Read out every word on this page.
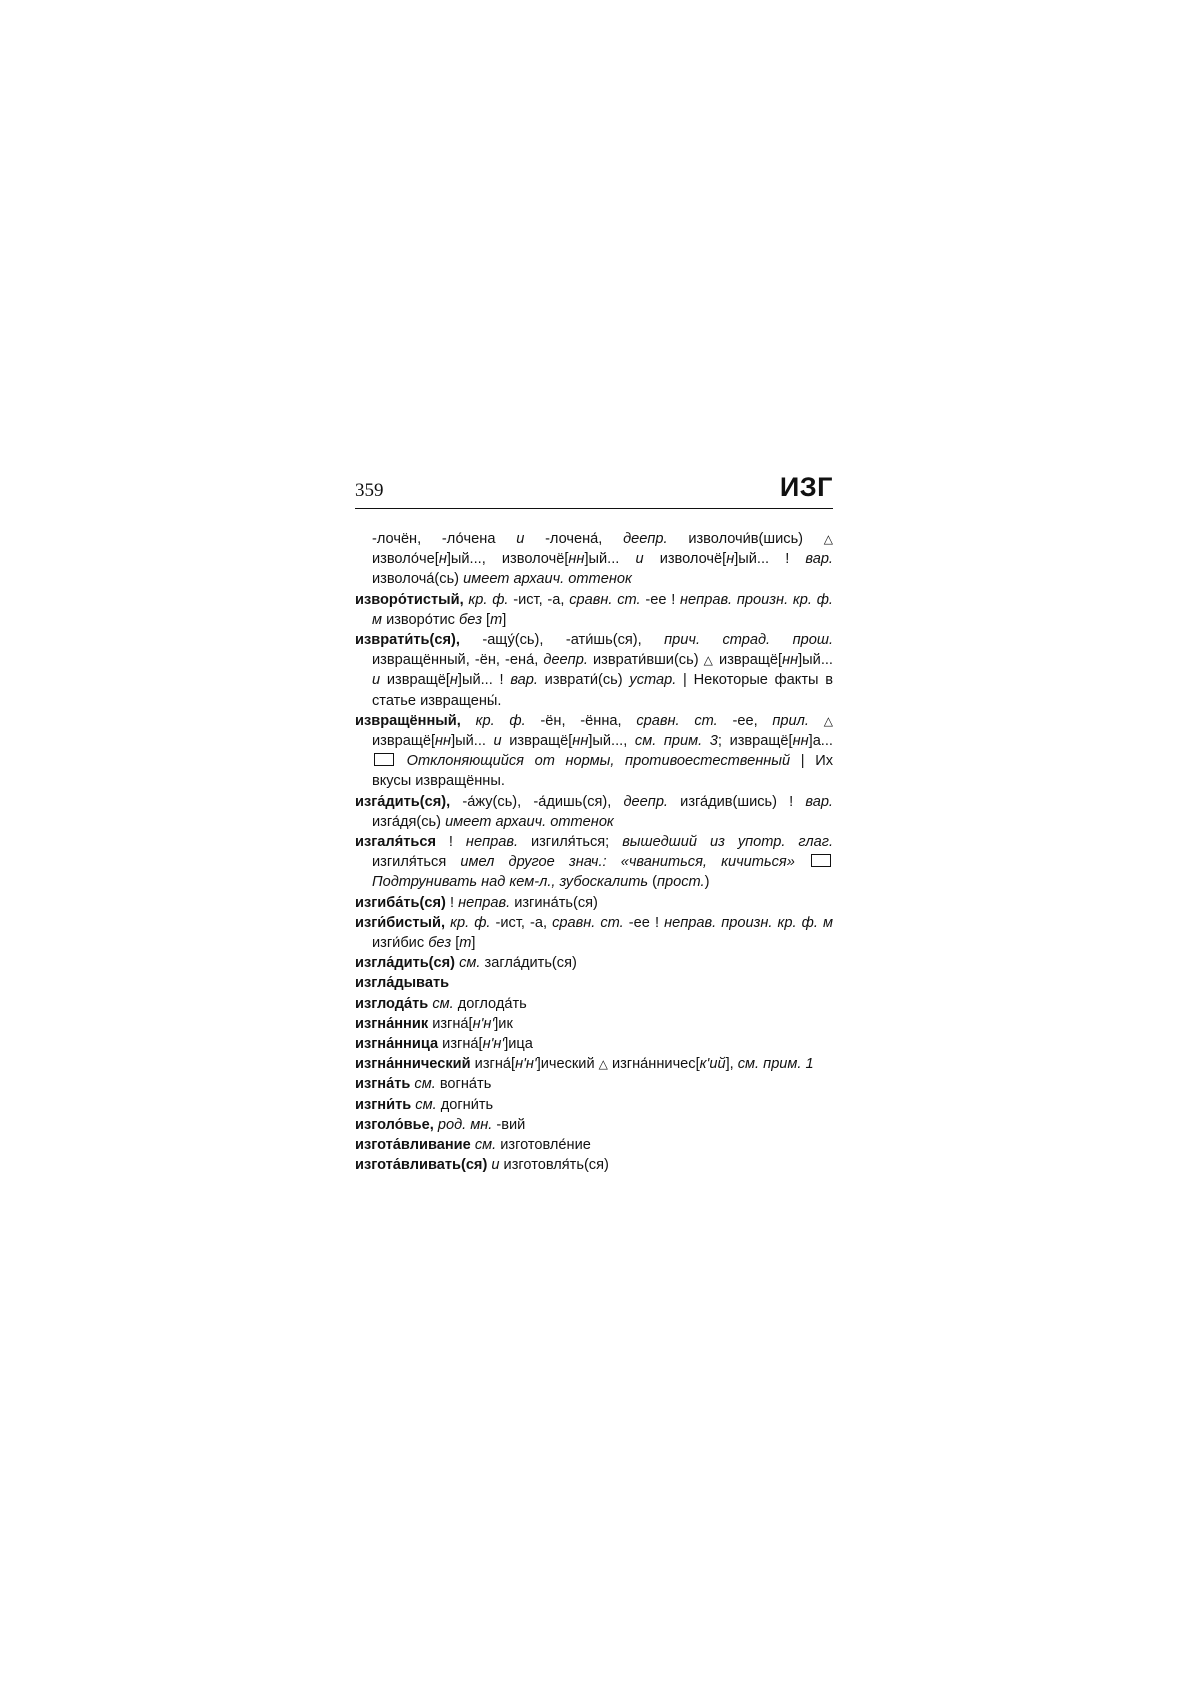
359	ИЗГ
-лочён, -ло́чена и -лочена́, деепр. изволочи́в(шись) △ изволо́че[н]ый..., изволочё[нн]ый... и изволочё[н]ый... ! вар. изволоча́(сь) имеет архаич. оттенок
изворо́тистый, кр. ф. -ист, -а, сравн. ст. -ее ! неправ. произн. кр. ф. м изворо́тис без [т]
изврати́ть(ся), -ащу́(сь), -ати́шь(ся), прич. страд. прош. извращённый, -ён, -ена́, деепр. изврати́вши(сь) △ извращё[нн]ый... и извращё[н]ый... ! вар. изврати́(сь) устар. | Некоторые факты в статье извращены́.
извращённый, кр. ф. -ён, -ённа, сравн. ст. -ее, прил. △ извращё[нн]ый... и извращё[нн]ый..., см. прим. 3; извращё[нн]а...  Отклоняющийся от нормы, противоестественный | Их вкусы извращённы.
изга́дить(ся), -а́жу(сь), -а́дишь(ся), деепр. изга́див(шись) ! вар. изга́дя(сь) имеет архаич. оттенок
изгаля́ться ! неправ. изгиля́ться; вышедший из употр. глаг. изгиля́ться имел другое знач.: «чваниться, кичиться»  Подтрунивать над кем-л., зубоскалить (прост.)
изгиба́ть(ся) ! неправ. изгина́ть(ся)
изги́бистый, кр. ф. -ист, -а, сравн. ст. -ее ! неправ. произн. кр. ф. м изги́бис без [т]
изгла́дить(ся) см. загла́дить(ся)
изгла́дывать
изглода́ть см. доглода́ть
изгна́нник изгна́[н'н']ик
изгна́нница изгна́[н'н']ица
изгна́ннический изгна́[н'н']ический △ изгна́нничес[к'ий], см. прим. 1
изгна́ть см. вогна́ть
изгни́ть см. догни́ть
изголо́вье, род. мн. -вий
изгота́вливание см. изготовле́ние
изгота́вливать(ся) и изготовля́ть(ся)
